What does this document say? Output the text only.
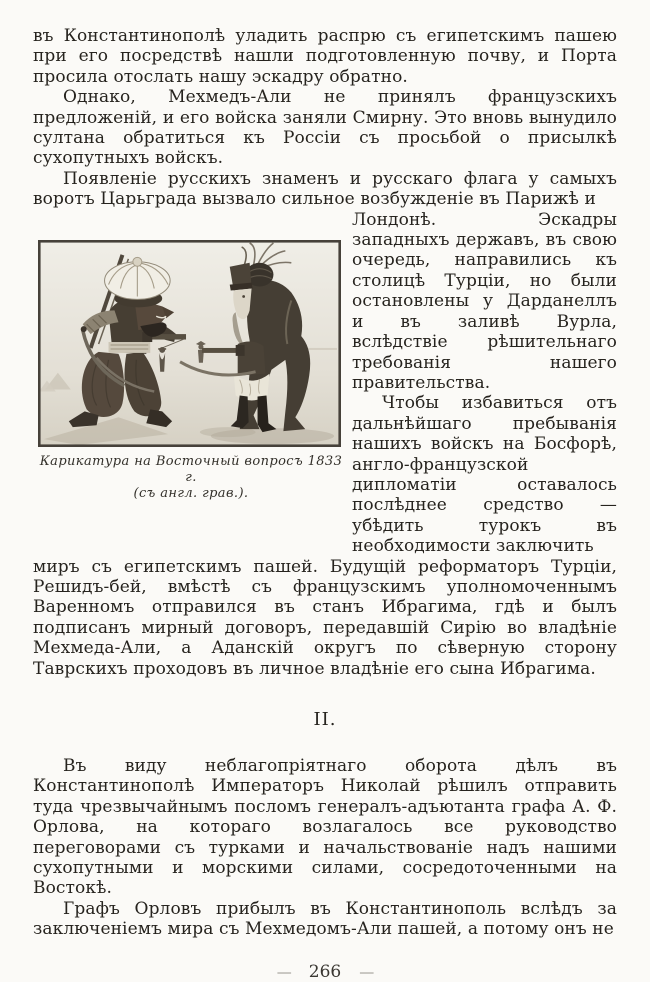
въ Константинополѣ уладить распрю съ египетскимъ пашею при его посредствѣ нашли подготовленную почву, и Порта просила отослать нашу эскадру обратно.

Однако, Мехмедъ-Али не принялъ французскихъ предложеній, и его войска заняли Смирну. Это вновь вынудило султана обратиться къ Россіи съ просьбой о присылкѣ сухопутныхъ войскъ.

Появленіе русскихъ знаменъ и русскаго флага у самыхъ воротъ Царьграда вызвало сильное возбужденіе въ Парижѣ и

Карикатура на Восточный вопросъ 1833 г.
(съ англ. грав.).

Лондонѣ. Эскадры западныхъ державъ, въ свою очередь, направились къ столицѣ Турціи, но были остановлены у Дарданеллъ и въ заливѣ Вурла, вслѣдствіе рѣшительнаго требованія нашего правительства.

Чтобы избавиться отъ дальнѣйшаго пребыванія нашихъ войскъ на Босфорѣ, англо-французской дипломатіи оставалось послѣднее средство — убѣдить турокъ въ необходимости заключить

миръ съ египетскимъ пашей. Будущій реформаторъ Турціи, Решидъ-бей, вмѣстѣ съ французскимъ уполномоченнымъ Варенномъ отправился въ станъ Ибрагима, гдѣ и былъ подписанъ мирный договоръ, передавшій Сирію во владѣніе Мехмеда-Али, а Аданскій округъ по сѣверную сторону Таврскихъ проходовъ въ личное владѣніе его сына Ибрагима.

II.

Въ виду неблагопріятнаго оборота дѣлъ въ Константинополѣ Императоръ Николай рѣшилъ отправить туда чрезвычайнымъ посломъ генералъ-адъютанта графа А. Ф. Орлова, на котораго возлагалось все руководство переговорами съ турками и начальствованіе надъ нашими сухопутными и морскими силами, сосредоточенными на Востокѣ.

Графъ Орловъ прибылъ въ Константинополь вслѣдъ за заключеніемъ мира съ Мехмедомъ-Али пашей, а потому онъ не

— 266 —
